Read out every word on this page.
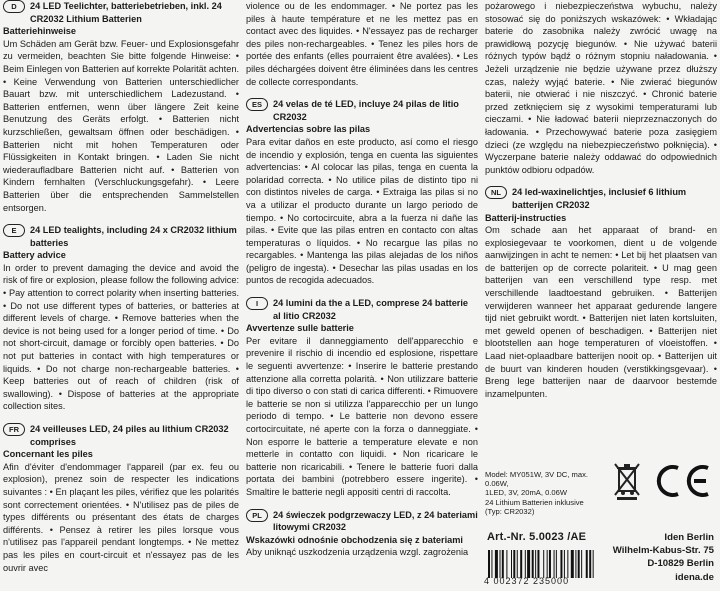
D	24 LED Teelichter, batteriebetrieben, inkl. 24 CR2032 Lithium Batterien
Batteriehinweise
Um Schäden am Gerät bzw. Feuer- und Explosionsgefahr zu vermeiden, beachten Sie bitte folgende Hinweise: • Beim Einlegen von Batterien auf korrekte Polarität achten. • Keine Verwendung von Batterien unterschiedlicher Bauart bzw. mit unterschiedlichem Ladezustand. • Batterien entfernen, wenn über längere Zeit keine Benutzung des Geräts erfolgt. • Batterien nicht kurzschließen, gewaltsam öffnen oder beschädigen. • Batterien nicht mit hohen Temperaturen oder Flüssigkeiten in Kontakt bringen. • Laden Sie nicht wiederaufladbare Batterien nicht auf. • Batterien von Kindern fernhalten (Verschluckungsgefahr). • Leere Batterien über die entsprechenden Sammelstellen entsorgen.
E	24 LED tealights, including 24 x CR2032 lithium batteries
Battery advice
In order to prevent damaging the device and avoid the risk of fire or explosion, please follow the following advice: • Pay attention to correct polarity when inserting batteries. • Do not use different types of batteries, or batteries at different levels of charge. • Remove batteries when the device is not being used for a longer period of time. • Do not short-circuit, damage or forcibly open batteries. • Do not put batteries in contact with high temperatures or liquids. • Do not charge non-rechargeable batteries. • Keep batteries out of reach of children (risk of swallowing). • Dispose of batteries at the appropriate collection sites.
FR	24 veilleuses LED, 24 piles au lithium CR2032 comprises
Concernant les piles
Afin d'éviter d'endommager l'appareil (par ex. feu ou explosion), prenez soin de respecter les indications suivantes : • En plaçant les piles, vérifiez que les polarités sont correctement orientées. • N'utilisez pas de piles de types différents ou présentant des états de charges différents. • Pensez à retirer les piles lorsque vous n'utilisez pas l'appareil pendant longtemps. • Ne mettez pas les piles en court-circuit et n'essayez pas de les ouvrir avec
violence ou de les endommager. • Ne portez pas les piles à haute température et ne les mettez pas en contact avec des liquides. • N'essayez pas de recharger des piles non-rechargeables. • Tenez les piles hors de portée des enfants (elles pourraient être avalées). • Les piles déchargées doivent être éliminées dans les centres de collecte correspondants.
ES	24 velas de té LED, incluye 24 pilas de litio CR2032
Advertencias sobre las pilas
Para evitar daños en este producto, así como el riesgo de incendio y explosión, tenga en cuenta las siguientes advertencias: • Al colocar las pilas, tenga en cuenta la polaridad correcta. • No utilice pilas de distinto tipo ni con distintos niveles de carga. • Extraiga las pilas si no va a utilizar el producto durante un largo periodo de tiempo. • No cortocircuite, abra a la fuerza ni dañe las pilas. • Evite que las pilas entren en contacto con altas temperaturas o líquidos. • No recargue las pilas no recargables. • Mantenga las pilas alejadas de los niños (peligro de ingesta). • Desechar las pilas usadas en los puntos de recogida adecuados.
I	24 lumini da the a LED, comprese 24 batterie al litio CR2032
Avvertenze sulle batterie
Per evitare il danneggiamento dell'apparecchio e prevenire il rischio di incendio ed esplosione, rispettare le seguenti avvertenze: • Inserire le batterie prestando attenzione alla corretta polarità. • Non utilizzare batterie di tipo diverso o con stati di carica differenti. • Rimuovere le batterie se non si utilizza l'apparecchio per un lungo periodo di tempo. • Le batterie non devono essere cortocircuitate, né aperte con la forza o danneggiate. • Non esporre le batterie a temperature elevate e non metterle in contatto con liquidi. • Non ricaricare le batterie non ricaricabili. • Tenere le batterie fuori dalla portata dei bambini (potrebbero essere ingerite). • Smaltire le batterie negli appositi centri di raccolta.
PL	24 świeczek podgrzewaczy LED, z 24 bateriami litowymi CR2032
Wskazówki odnośnie obchodzenia się z bateriami
Aby uniknąć uszkodzenia urządzenia wzgl. zagrożenia
pożarowego i niebezpieczeństwa wybuchu, należy stosować się do poniższych wskazówek: • Wkładając baterie do zasobnika należy zwrócić uwagę na prawidłową pozycję biegunów. • Nie używać baterii różnych typów bądź o różnym stopniu naładowania. • Jeżeli urządzenie nie będzie używane przez dłuższy czas, należy wyjąć baterie. • Nie zwierać biegunów baterii, nie otwierać i nie niszczyć. • Chronić baterie przed zetknięciem się z wysokimi temperaturami lub cieczami. • Nie ładować baterii nieprzeznaczonych do ładowania. • Przechowywać baterie poza zasięgiem dzieci (ze względu na niebezpieczeństwo połknięcia). • Wyczerpane baterie należy oddawać do odpowiednich punktów odbioru odpadów.
NL	24 led-waxinelichtjes, inclusief 6 lithium batterijen CR2032
Batterij-instructies
Om schade aan het apparaat of brand- en explosiegevaar te voorkomen, dient u de volgende aanwijzingen in acht te nemen: • Let bij het plaatsen van de batterijen op de correcte polariteit. • U mag geen batterijen van een verschillend type resp. met verschillende laadtoestand gebruiken. • Batterijen verwijderen wanneer het apparaat gedurende langere tijd niet gebruikt wordt. • Batterijen niet laten kortsluiten, met geweld openen of beschadigen. • Batterijen niet blootstellen aan hoge temperaturen of vloeistoffen. • Laad niet-oplaadbare batterijen nooit op. • Batterijen uit de buurt van kinderen houden (verstikkingsgevaar). • Breng lege batterijen naar de daarvoor bestemde inzamelpunten.
Model: MY051W, 3V DC, max. 0.06W,
1LED, 3V, 20mA, 0.06W
24 Lithium Batterien inklusive
(Typ: CR2032)
Art.-Nr. 5.0023 /AE	Iden Berlin
Wilhelm-Kabus-Str. 75
D-10829 Berlin
idena.de
4 002372 235000
